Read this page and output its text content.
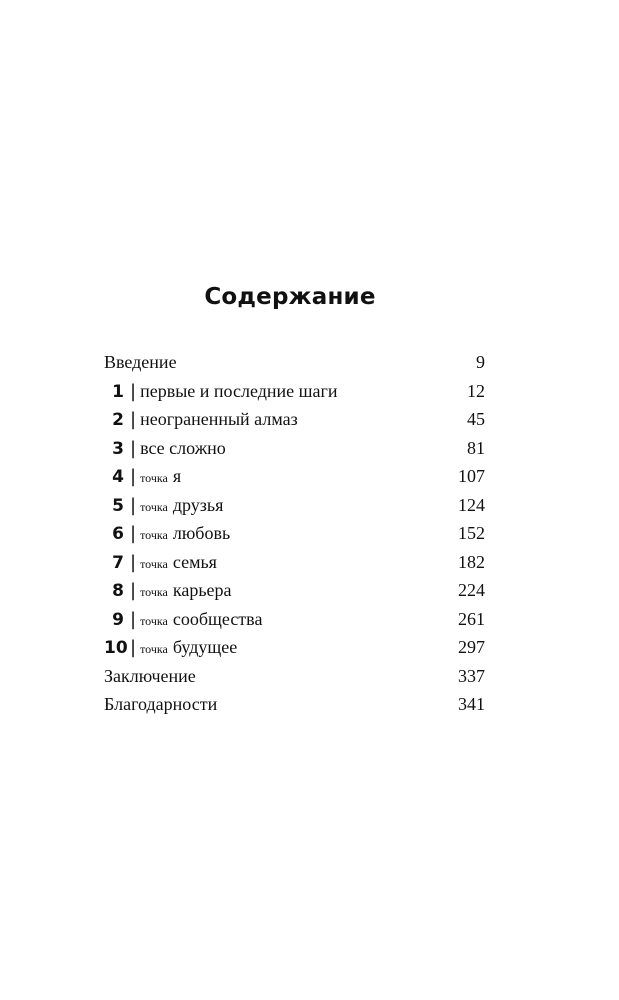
Содержание
Введение	9
1 | первые и последние шаги	12
2 | неограненный алмаз	45
3 | все сложно	81
4 | точка я	107
5 | точка друзья	124
6 | точка любовь	152
7 | точка семья	182
8 | точка карьера	224
9 | точка сообщества	261
10 | точка будущее	297
Заключение	337
Благодарности	341
